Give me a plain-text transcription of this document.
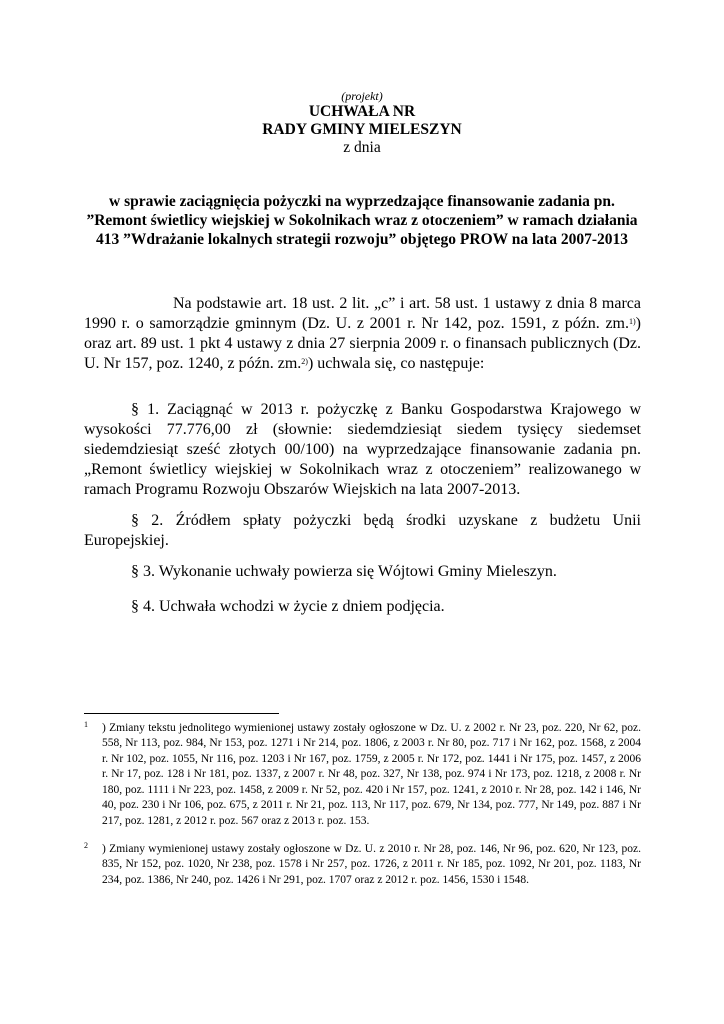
(projekt)
UCHWAŁA NR
RADY GMINY MIELESZYN
z dnia
w sprawie zaciągnięcia pożyczki na wyprzedzające finansowanie zadania pn. ”Remont świetlicy wiejskiej w Sokolnikach wraz z otoczeniem” w ramach działania 413 ”Wdrażanie lokalnych strategii rozwoju” objętego PROW na lata 2007-2013
Na podstawie art. 18 ust. 2 lit. „c” i art. 58 ust. 1 ustawy z dnia 8 marca 1990 r. o samorządzie gminnym (Dz. U. z 2001 r. Nr 142, poz. 1591, z późn. zm.$^{1)}$) oraz art. 89 ust. 1 pkt 4 ustawy z dnia 27 sierpnia 2009 r. o finansach publicznych (Dz. U. Nr 157, poz. 1240, z późn. zm.$^{2)}$) uchwala się, co następuje:
§ 1. Zaciągnąć w 2013 r. pożyczkę z Banku Gospodarstwa Krajowego w wysokości 77.776,00 zł (słownie: siedemdziesiąt siedem tysięcy siedemset siedemdziesiąt sześć złotych 00/100) na wyprzedzające finansowanie zadania pn. „Remont świetlicy wiejskiej w Sokolnikach wraz z otoczeniem” realizowanego w ramach Programu Rozwoju Obszarów Wiejskich na lata 2007-2013.
§ 2. Źródłem spłaty pożyczki będą środki uzyskane z budżetu Unii Europejskiej.
§ 3. Wykonanie uchwały powierza się Wójtowi Gminy Mieleszyn.
§ 4. Uchwała wchodzi w życie z dniem podjęcia.
1 ) Zmiany tekstu jednolitego wymienionej ustawy zostały ogłoszone w Dz. U. z 2002 r. Nr 23, poz. 220, Nr 62, poz. 558, Nr 113, poz. 984, Nr 153, poz. 1271 i Nr 214, poz. 1806, z 2003 r. Nr 80, poz. 717 i Nr 162, poz. 1568, z 2004 r. Nr 102, poz. 1055, Nr 116, poz. 1203 i Nr 167, poz. 1759, z 2005 r. Nr 172, poz. 1441 i Nr 175, poz. 1457, z 2006 r. Nr 17, poz. 128 i Nr 181, poz. 1337, z 2007 r. Nr 48, poz. 327, Nr 138, poz. 974 i Nr 173, poz. 1218, z 2008 r. Nr 180, poz. 1111 i Nr 223, poz. 1458, z 2009 r. Nr 52, poz. 420 i Nr 157, poz. 1241, z 2010 r. Nr 28, poz. 142 i 146, Nr 40, poz. 230 i Nr 106, poz. 675, z 2011 r. Nr 21, poz. 113, Nr 117, poz. 679, Nr 134, poz. 777, Nr 149, poz. 887 i Nr 217, poz. 1281, z 2012 r. poz. 567 oraz z 2013 r. poz. 153.
2 ) Zmiany wymienionej ustawy zostały ogłoszone w Dz. U. z 2010 r. Nr 28, poz. 146, Nr 96, poz. 620, Nr 123, poz. 835, Nr 152, poz. 1020, Nr 238, poz. 1578 i Nr 257, poz. 1726, z 2011 r. Nr 185, poz. 1092, Nr 201, poz. 1183, Nr 234, poz. 1386, Nr 240, poz. 1426 i Nr 291, poz. 1707 oraz z 2012 r. poz. 1456, 1530 i 1548.
